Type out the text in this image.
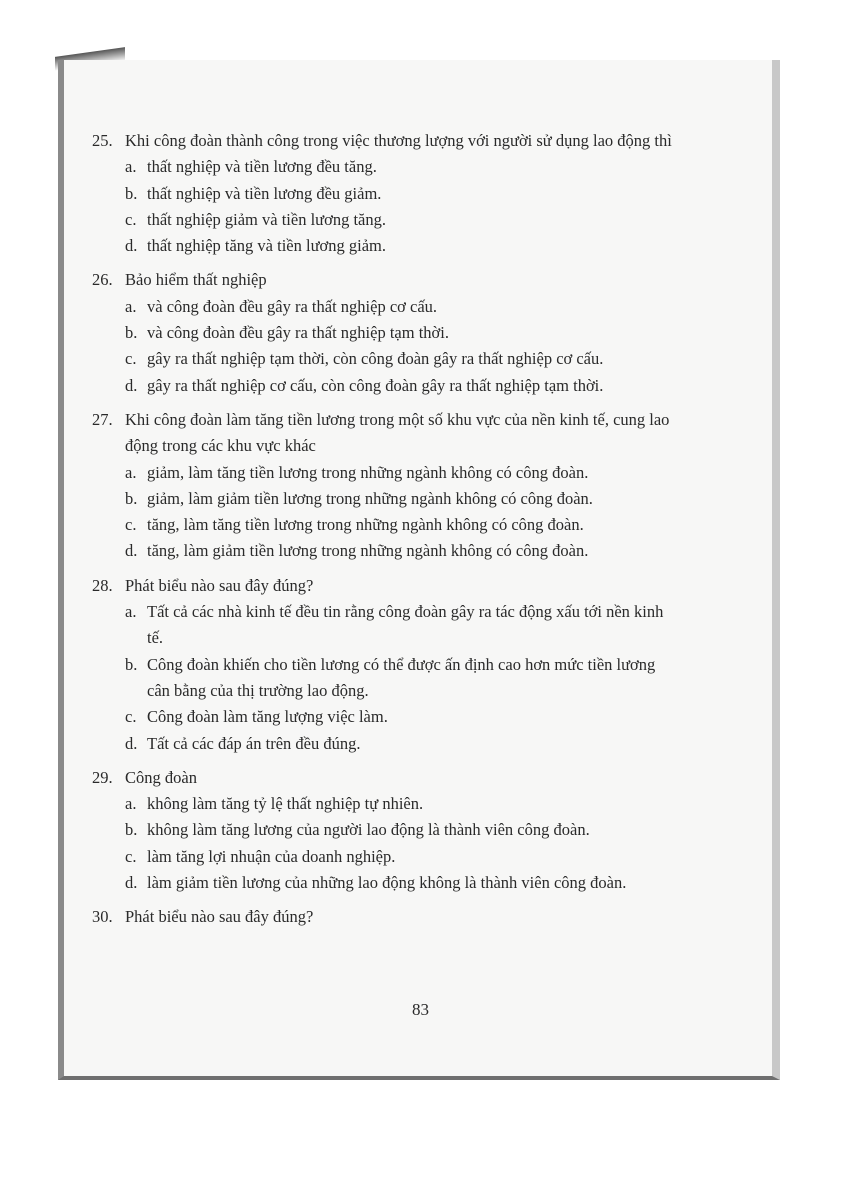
25. Khi công đoàn thành công trong việc thương lượng với người sử dụng lao động thì
a. thất nghiệp và tiền lương đều tăng.
b. thất nghiệp và tiền lương đều giảm.
c. thất nghiệp giảm và tiền lương tăng.
d. thất nghiệp tăng và tiền lương giảm.
26. Bảo hiểm thất nghiệp
a. và công đoàn đều gây ra thất nghiệp cơ cấu.
b. và công đoàn đều gây ra thất nghiệp tạm thời.
c. gây ra thất nghiệp tạm thời, còn công đoàn gây ra thất nghiệp cơ cấu.
d. gây ra thất nghiệp cơ cấu, còn công đoàn gây ra thất nghiệp tạm thời.
27. Khi công đoàn làm tăng tiền lương trong một số khu vực của nền kinh tế, cung lao động trong các khu vực khác
a. giảm, làm tăng tiền lương trong những ngành không có công đoàn.
b. giảm, làm giảm tiền lương trong những ngành không có công đoàn.
c. tăng, làm tăng tiền lương trong những ngành không có công đoàn.
d. tăng, làm giảm tiền lương trong những ngành không có công đoàn.
28. Phát biểu nào sau đây đúng?
a. Tất cả các nhà kinh tế đều tin rằng công đoàn gây ra tác động xấu tới nền kinh tế.
b. Công đoàn khiến cho tiền lương có thể được ấn định cao hơn mức tiền lương cân bằng của thị trường lao động.
c. Công đoàn làm tăng lượng việc làm.
d. Tất cả các đáp án trên đều đúng.
29. Công đoàn
a. không làm tăng tỷ lệ thất nghiệp tự nhiên.
b. không làm tăng lương của người lao động là thành viên công đoàn.
c. làm tăng lợi nhuận của doanh nghiệp.
d. làm giảm tiền lương của những lao động không là thành viên công đoàn.
30. Phát biểu nào sau đây đúng?
83
